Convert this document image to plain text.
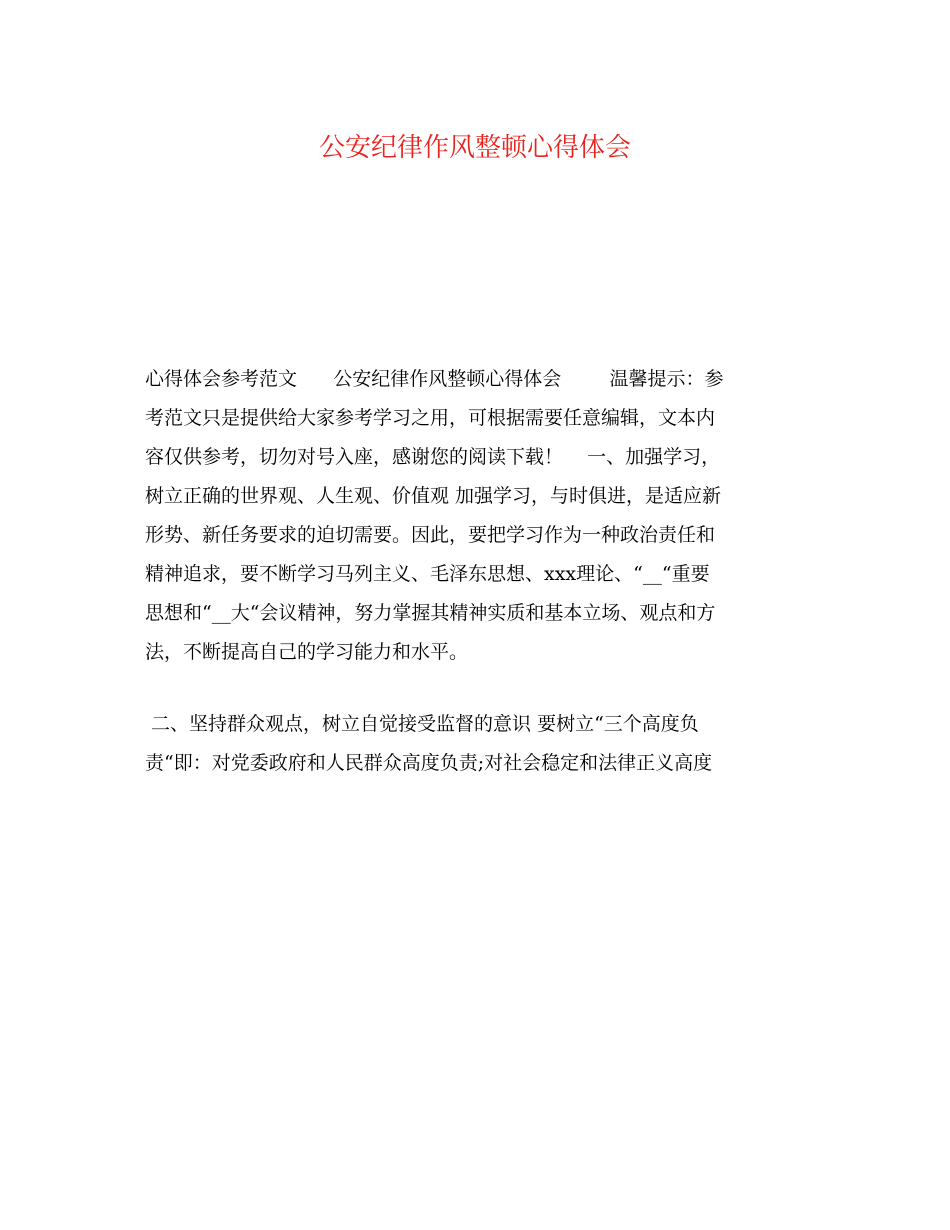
公安纪律作风整顿心得体会
心得体会参考范文      公安纪律作风整顿心得体会        温馨提示：参
考范文只是提供给大家参考学习之用，可根据需要任意编辑，文本内
容仅供参考，切勿对号入座，感谢您的阅读下载！    一、加强学习，
树立正确的世界观、人生观、价值观 加强学习，与时俱进，是适应新
形势、新任务要求的迫切需要。因此，要把学习作为一种政治责任和
精神追求，要不断学习马列主义、毛泽东思想、xxx理论、“__“重要
思想和“__大“会议精神，努力掌握其精神实质和基本立场、观点和方
法，不断提高自己的学习能力和水平。
二、坚持群众观点，树立自觉接受监督的意识 要树立“三个高度负
责“即：对党委政府和人民群众高度负责;对社会稳定和法律正义高度
